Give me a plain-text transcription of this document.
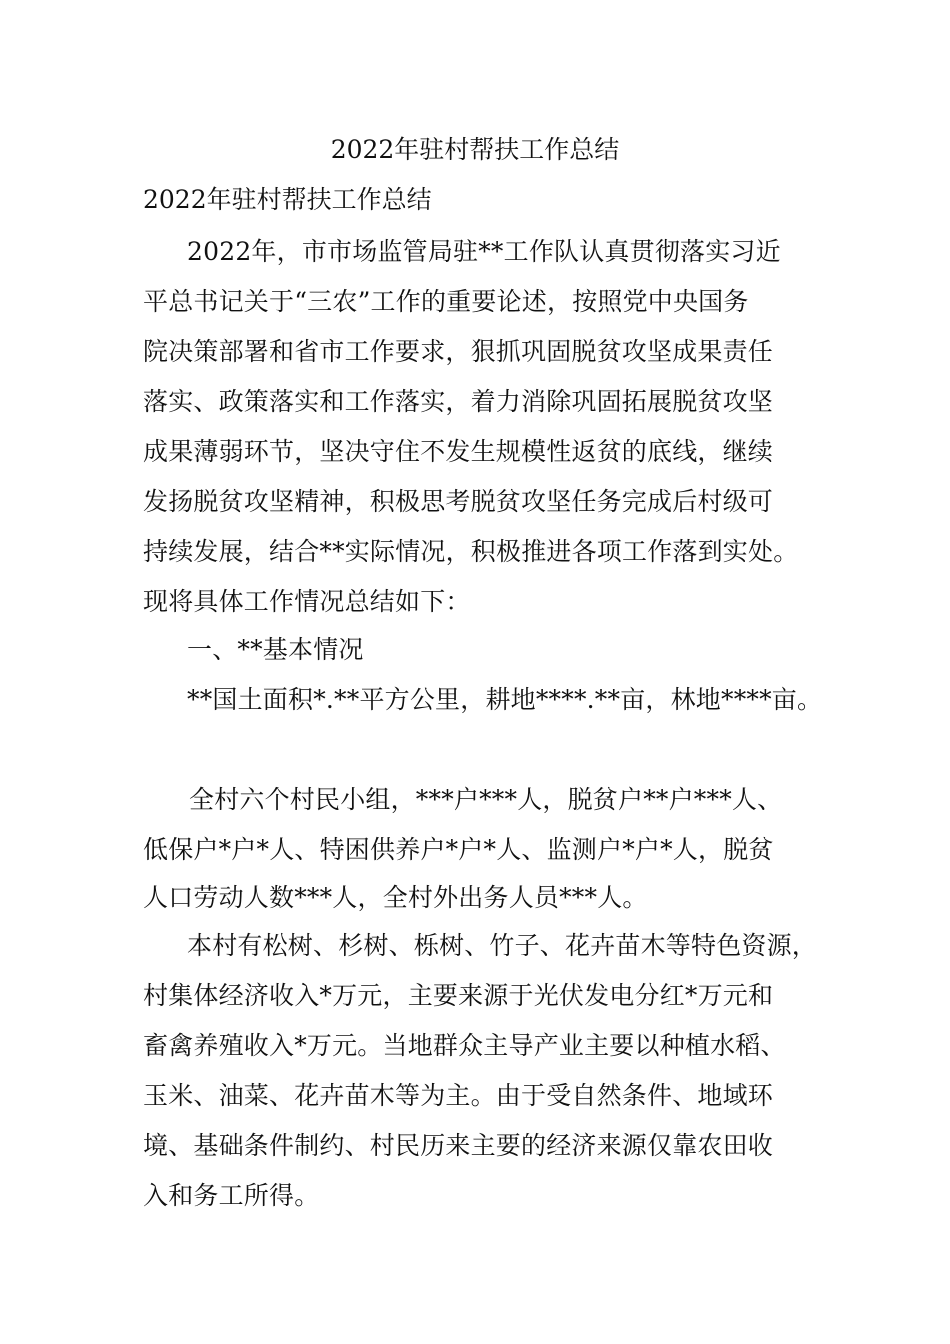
2022年驻村帮扶工作总结
2022年驻村帮扶工作总结
2022年，市市场监管局驻**工作队认真贯彻落实习近
平总书记关于“三农”工作的重要论述，按照党中央国务
院决策部署和省市工作要求，狠抓巩固脱贫攻坚成果责任
落实、政策落实和工作落实，着力消除巩固拓展脱贫攻坚
成果薄弱环节，坚决守住不发生规模性返贫的底线，继续
发扬脱贫攻坚精神，积极思考脱贫攻坚任务完成后村级可
持续发展，结合**实际情况，积极推进各项工作落到实处。
现将具体工作情况总结如下：
一、**基本情况
**国土面积*.**平方公里，耕地****.**亩，林地****亩。
全村六个村民小组，***户***人，脱贫户**户***人、
低保户*户*人、特困供养户*户*人、监测户*户*人，脱贫
人口劳动人数***人，全村外出务人员***人。
本村有松树、杉树、栎树、竹子、花卉苗木等特色资源，
村集体经济收入*万元，主要来源于光伏发电分红*万元和
畜禽养殖收入*万元。当地群众主导产业主要以种植水稻、
玉米、油菜、花卉苗木等为主。由于受自然条件、地域环
境、基础条件制约、村民历来主要的经济来源仅靠农田收
入和务工所得。
